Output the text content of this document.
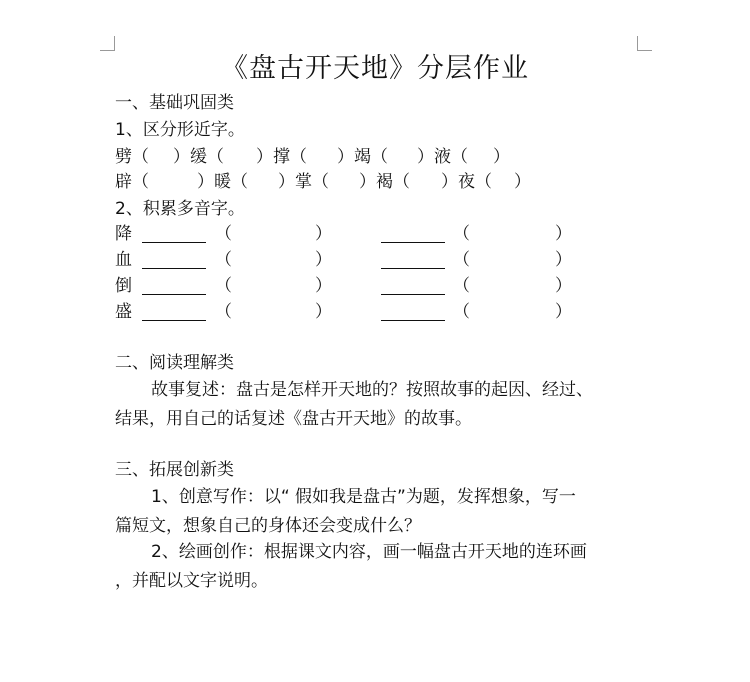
《盘古开天地》分层作业
一、基础巩固类
1、区分形近字。
劈（ ）缓（ ）撑（ ）竭（ ）液（ ）
辟（	）暖（ ）掌（ ）褐（ ）夜（ ）
2、积累多音字。
降	（	）	（	）
血	（	）	（	）
倒	（	）	（	）
盛	（	）	（	）
二、阅读理解类
故事复述：盘古是怎样开天地的？按照故事的起因、经过、
结果，用自己的话复述《盘古开天地》的故事。
三、拓展创新类
1、创意写作：以“ 假如我是盘古”为题，发挥想象，写一
篇短文，想象自己的身体还会变成什么？
2、绘画创作：根据课文内容，画一幅盘古开天地的连环画
，并配以文字说明。
